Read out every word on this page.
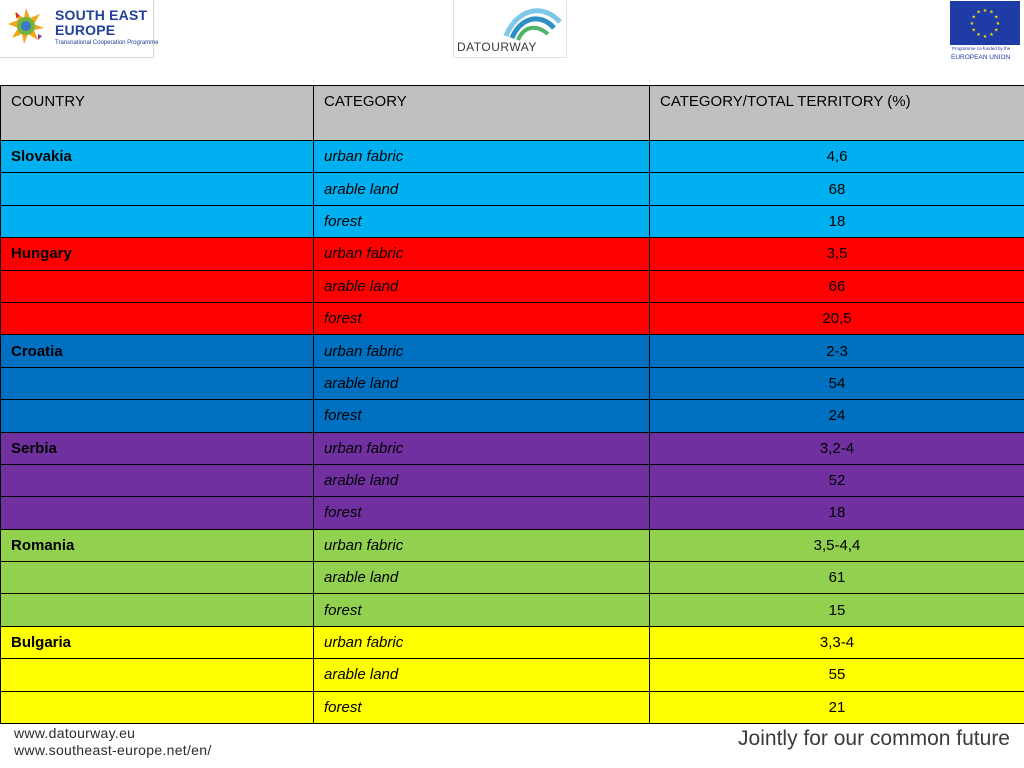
SOUTH EAST EUROPE
Transnational Cooperation Programme	DATOURWAY
★
★
★
★
★
★
★
★
★ ★ ★
★
Programme co-funded by the
EUROPEAN UNION
COUNTRY	CATEGORY	CATEGORY/TOTAL TERRITORY (%)
Slovakia	urban fabric	4,6
	arable land	68
	forest	18
Hungary	urban fabric	3,5
	arable land	66
	forest	20,5
Croatia	urban fabric	2-3
	arable land	54
	forest	24
Serbia	urban fabric	3,2-4
	arable land	52
	forest	18
Romania	urban fabric	3,5-4,4
	arable land	61
	forest	15
Bulgaria	urban fabric	3,3-4
	arable land	55
	forest	21
www.datourway.eu
www.southeast-europe.net/en/	Jointly for our common future
